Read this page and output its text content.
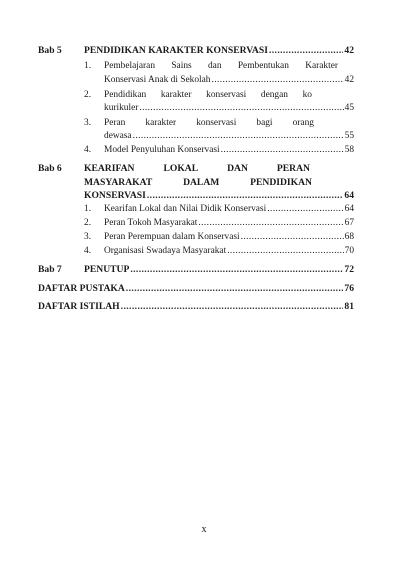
Bab 5 PENDIDIKAN KARAKTER KONSERVASI .....	42
1. Pembelajaran Sains dan Pembentukan Karakter
Konservasi Anak di Sekolah .....	42
2. Pendidikan karakter konservasi dengan ko
kurikuler .....	45
3. Peran karakter konservasi bagi orang
dewasa .....	55
4. Model Penyuluhan Konservasi .....	58
Bab 6 KEARIFAN	LOKAL	DAN	PERAN
MASYARAKAT	DALAM	PENDIDIKAN
KONSERVASI .....	64
1. Kearifan Lokal dan Nilai Didik Konservasi .....	64
2. Peran Tokoh Masyarakat .....	67
3. Peran Perempuan dalam Konservasi .....	68
4. Organisasi Swadaya Masyarakat .....	70
Bab 7 PENUTUP .....	72
DAFTAR PUSTAKA .....	76
DAFTAR ISTILAH .....	81
x
